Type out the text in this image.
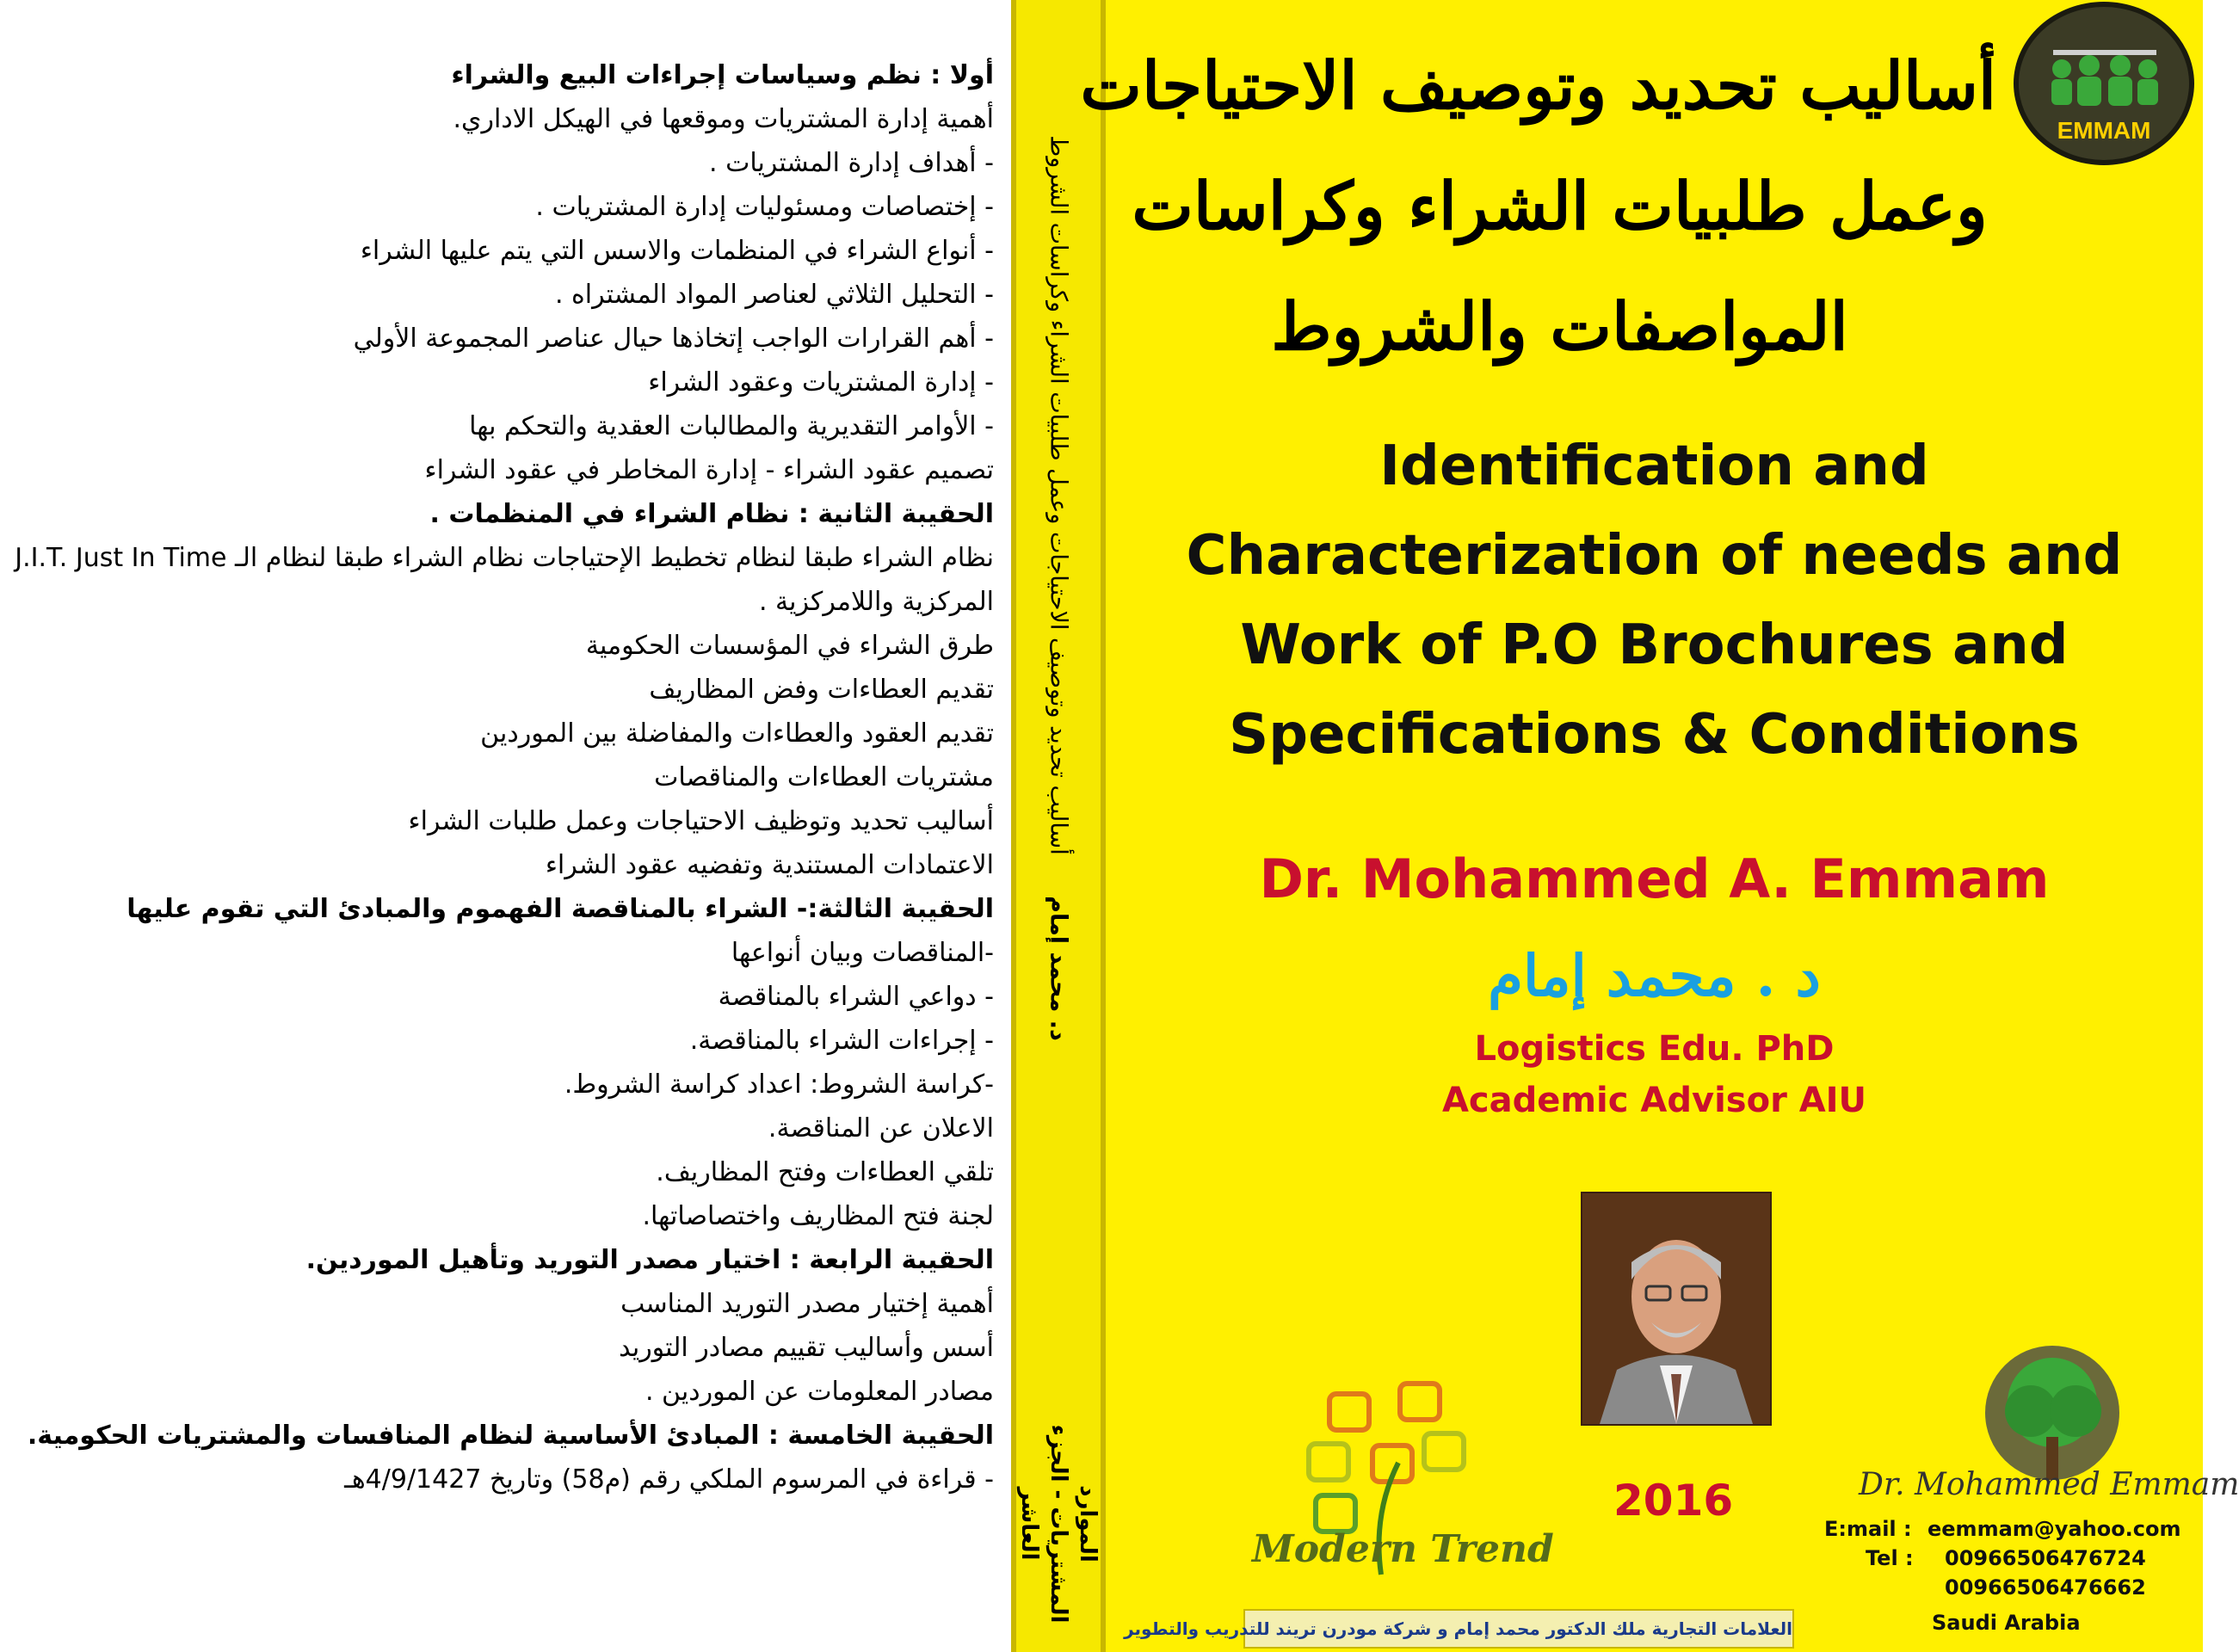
أولا : نظم وسياسات إجراءات البيع والشراء
أهمية إدارة المشتريات وموقعها في الهيكل الاداري.
- أهداف إدارة المشتريات .
- إختصاصات ومسئوليات إدارة المشتريات .
- أنواع الشراء في المنظمات والاسس التي يتم عليها الشراء
- التحليل الثلاثي لعناصر المواد المشتراه .
- أهم القرارات الواجب إتخاذها حيال عناصر المجموعة الأولي
- إدارة المشتريات وعقود الشراء
- الأوامر التقديرية والمطالبات العقدية والتحكم بها
تصميم عقود الشراء - إدارة المخاطر في عقود الشراء
الحقيبة الثانية : نظام الشراء في المنظمات .
نظام الشراء طبقا لنظام تخطيط الإحتياجات نظام الشراء طبقا لنظام الـ J.I.T. Just In Time
المركزية واللامركزية .
طرق الشراء في المؤسسات الحكومية
تقديم العطاءات وفض المظاريف
تقديم العقود والعطاءات والمفاضلة بين الموردين
مشتريات العطاءات والمناقصات
أساليب تحديد وتوظيف الاحتياجات وعمل طلبات الشراء
الاعتمادات المستندية وتفضيه عقود الشراء
الحقيبة الثالثة:- الشراء بالمناقصة الفهموم والمبادئ التي تقوم عليها
-المناقصات وبيان أنواعها
- دواعي الشراء بالمناقصة
- إجراءات الشراء بالمناقصة.
-كراسة الشروط: اعداد كراسة الشروط.
الاعلان عن المناقصة.
تلقي العطاءات وفتح المظاريف.
لجنة فتح المظاريف واختصاصاتها.
الحقيبة الرابعة : اختيار مصدر التوريد وتأهيل الموردين.
أهمية إختيار مصدر التوريد المناسب
أسس وأساليب تقييم مصادر التوريد
مصادر المعلومات عن الموردين .
الحقيبة الخامسة : المبادئ الأساسية لنظام المنافسات والمشتريات الحكومية.
- قراءة في المرسوم الملكي رقم (م58) وتاريخ 4/9/1427هـ
أساليب تحديد وتوصيف الاحتياجات وعمل طلبيات الشراء وكراسات الشروط
د. محمد إمام
الموارد
المشتريات - الجزء العاشر
EMMAM
أساليب تحديد وتوصيف الاحتياجات
وعمل طلبيات الشراء وكراسات
المواصفات والشروط
Identification and
Characterization of needs and
Work of P.O Brochures and
Specifications & Conditions
Dr. Mohammed A. Emmam
د . محمد إمام
Logistics Edu. PhD
Academic Advisor AIU
2016
Modern Trend
Dr. Mohammed Emmam
E:mail : eemmam@yahoo.com
Tel : 00966506476724
00966506476662
العلامات التجارية ملك الدكتور محمد إمام و شركة مودرن تريند للتدريب والتطوير	Saudi Arabia
